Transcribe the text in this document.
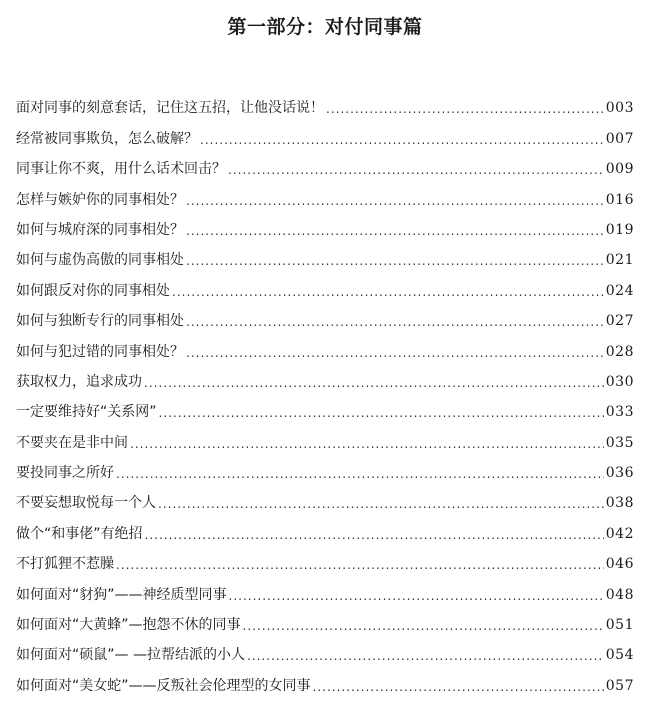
第一部分：对付同事篇
面对同事的刻意套话，记住这五招，让他没话说！ .....	003
经常被同事欺负，怎么破解？ .....	007
同事让你不爽，用什么话术回击？ .....	009
怎样与嫉妒你的同事相处？ .....	016
如何与城府深的同事相处？ .....	019
如何与虚伪高傲的同事相处 .....	021
如何跟反对你的同事相处 .....	024
如何与独断专行的同事相处 .....	027
如何与犯过错的同事相处？ .....	028
获取权力，追求成功 .....	030
一定要维持好“关系网” .....	033
不要夹在是非中间 .....	035
要投同事之所好 .....	036
不要妄想取悦每一个人 .....	038
做个“和事佬”有绝招 .....	042
不打狐狸不惹臊 .....	046
如何面对“豺狗”——神经质型同事 .....	048
如何面对“大黄蜂”—抱怨不休的同事 .....	051
如何面对“硕鼠”— —拉帮结派的小人 .....	054
如何面对“美女蛇”——反叛社会伦理型的女同事 .....	057
